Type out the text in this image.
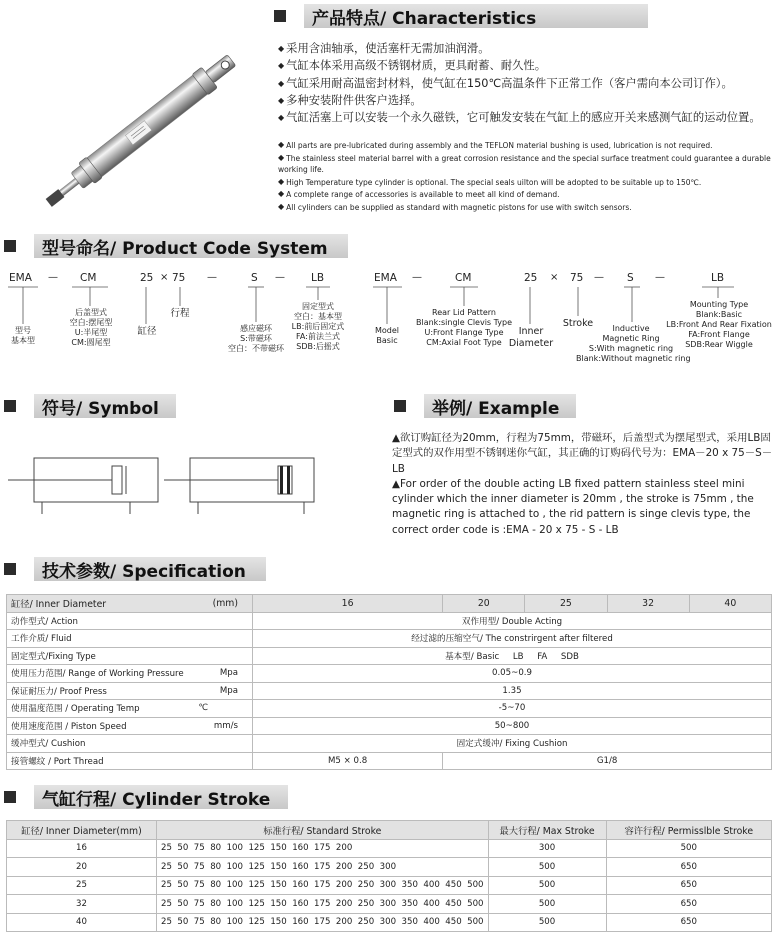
产品特点/ Characteristics
◆ 采用含油轴承，使活塞杆无需加油润滑。
◆ 气缸本体采用高级不锈钢材质，更具耐蓄、耐久性。
◆ 气缸采用耐高温密封材料，使气缸在150℃高温条件下正常工作（客户需向本公司订作）。
◆ 多种安装附件供客户选择。
◆ 气缸活塞上可以安装一个永久磁铁，它可触发安装在气缸上的感应开关来感测气缸的运动位置。
◆ All parts are pre-lubricated during assembly and the TEFLON material bushing is used, lubrication is not required.
◆ The stainless steel material barrel with a great corrosion resistance and the special surface treatment could guarantee a durable working life.
◆ High Temperature type cylinder is optional. The special seals uilton will be adopted to be suitable up to 150℃.
◆ A complete range of accessories is available to meet all kind of demand.
◆ All cylinders can be supplied as standard with magnetic pistons for use with switch sensors.
型号命名/ Product Code System
EMA — CM	25 × 75 —	S — LB
型号
基本型
后盖型式
空白:摆尾型
U:半尾型
CM:圆尾型
缸径
行程
感应磁环
S:带磁环
空白：不带磁环
固定型式
空白：基本型
LB:前后固定式
FA:前法兰式
SDB:后摇式
EMA —	CM	25 × 75 — S —	LB
Model
Basic
Rear Lid Pattern
Blank:single Clevis Type
U:Front Flange Type
CM:Axial Foot Type
Inner
Diameter
Stroke	Inductive
Magnetic Ring
S:With magnetic ring
Blank:Without magnetic ring
Mounting Type
Blank:Basic
LB:Front And Rear Fixation
FA:Front Flange
SDB:Rear Wiggle
符号/ Symbol	举例/ Example

▲欲订购缸径为20mm，行程为75mm，带磁环，后盖型式为摆尾型式，采用LB固定型式的双作用型不锈钢迷你气缸，其正确的订购码代号为：EMA－20 x 75－S－LB

▲For order of the double acting LB fixed pattern stainless steel mini cylinder which the inner diameter is 20mm , the stroke is 75mm , the magnetic ring is attached to , the rid pattern is singe clevis type, the correct order code is :EMA - 20 x 75 - S - LB

技术参数/ Specification
缸径/ Inner Diameter (mm)	16	20	25	32	40
动作型式/ Action	双作用型/ Double Acting				
工作介质/ Fluid	经过滤的压缩空气/ The constrirgent after filtered				
固定型式/Fixing Type	基本型/ Basic     LB     FA     SDB				
使用压力范围/ Range of Working Pressure Mpa	0.05~0.9				
保证耐压力/ Proof Press Mpa	1.35				
使用温度范围 / Operating Temp ℃	-5~70				
使用速度范围 / Piston Speed mm/s	50~800				
缓冲型式/ Cushion	固定式缓冲/ Fixing Cushion				
接管螺纹 / Port Thread	M5 × 0.8	G1/8			
气缸行程/ Cylinder Stroke
缸径/ Inner Diameter(mm)	标准行程/ Standard Stroke	最大行程/ Max Stroke	容许行程/ Permisslble Stroke
16	25  50  75  80  100  125  150  160  175  200	300	500
20	25  50  75  80  100  125  150  160  175  200  250  300	500	650
25	25  50  75  80  100  125  150  160  175  200  250  300  350  400  450  500	500	650
32	25  50  75  80  100  125  150  160  175  200  250  300  350  400  450  500	500	650
40	25  50  75  80  100  125  150  160  175  200  250  300  350  400  450  500	500	650
